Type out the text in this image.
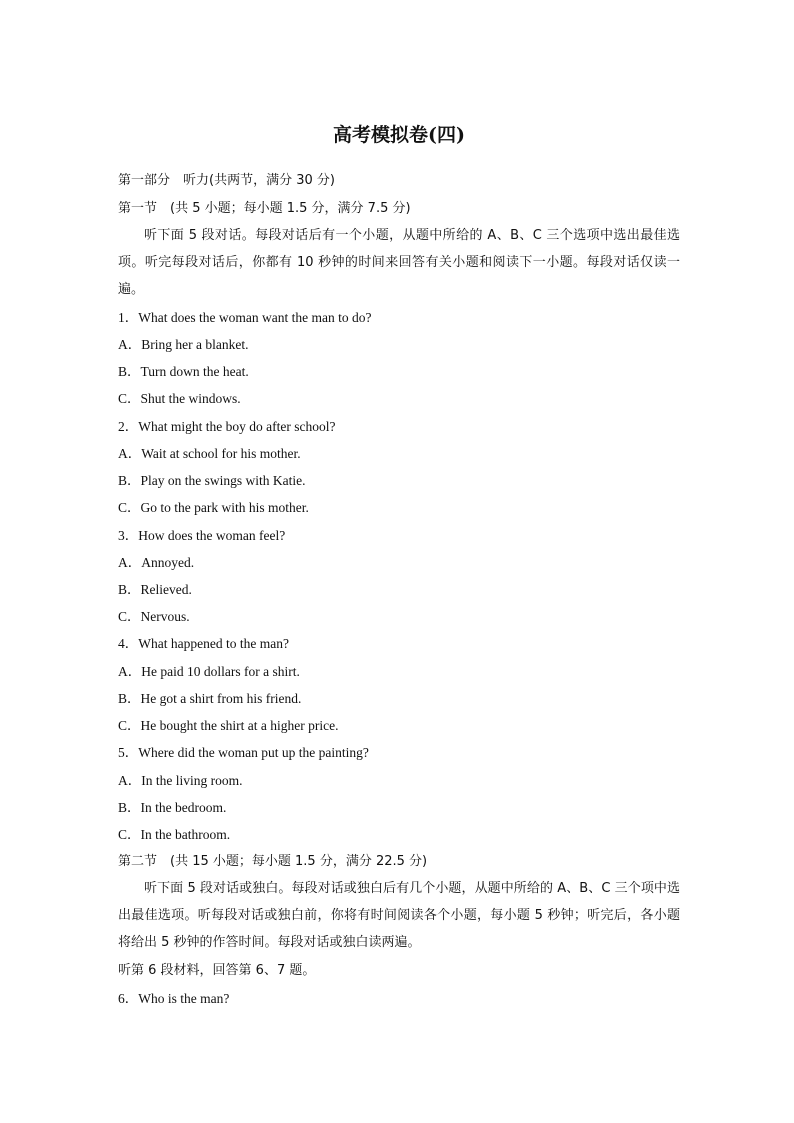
高考模拟卷(四)
第一部分　听力(共两节，满分 30 分)
第一节　(共 5 小题；每小题 1.5 分，满分 7.5 分)
听下面 5 段对话。每段对话后有一个小题，从题中所给的 A、B、C 三个选项中选出最佳选项。听完每段对话后，你都有 10 秒钟的时间来回答有关小题和阅读下一小题。每段对话仅读一遍。
1．What does the woman want the man to do?
A．Bring her a blanket.
B．Turn down the heat.
C．Shut the windows.
2．What might the boy do after school?
A．Wait at school for his mother.
B．Play on the swings with Katie.
C．Go to the park with his mother.
3．How does the woman feel?
A．Annoyed.
B．Relieved.
C．Nervous.
4．What happened to the man?
A．He paid 10 dollars for a shirt.
B．He got a shirt from his friend.
C．He bought the shirt at a higher price.
5．Where did the woman put up the painting?
A．In the living room.
B．In the bedroom.
C．In the bathroom.
第二节　(共 15 小题；每小题 1.5 分，满分 22.5 分)
听下面 5 段对话或独白。每段对话或独白后有几个小题，从题中所给的 A、B、C 三个项中选出最佳选项。听每段对话或独白前，你将有时间阅读各个小题，每小题 5 秒钟；听完后，各小题将给出 5 秒钟的作答时间。每段对话或独白读两遍。
听第 6 段材料，回答第 6、7 题。
6．Who is the man?
